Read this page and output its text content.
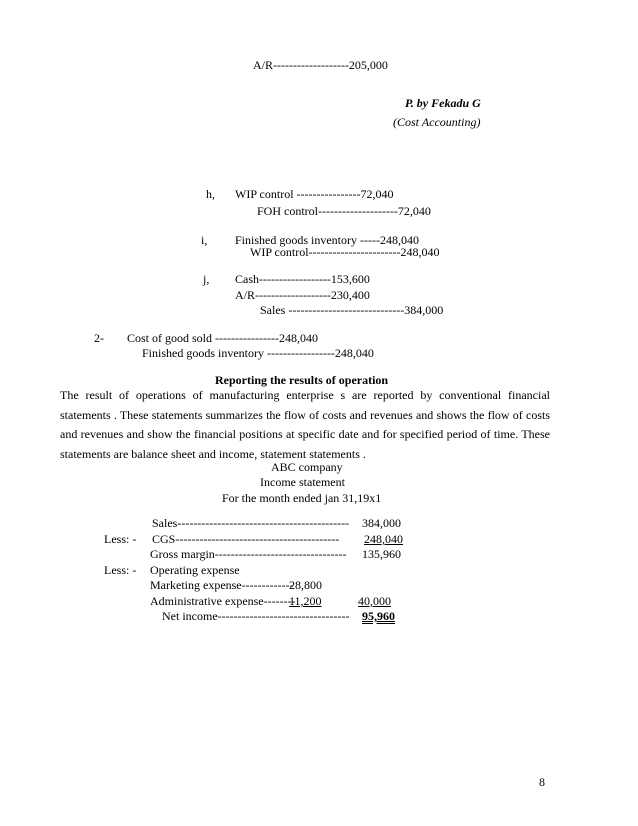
A/R-------------------205,000
P. by Fekadu G
(Cost Accounting)
h, WIP control ----------------72,040
FOH control--------------------72,040
i, Finished goods inventory -----248,040
WIP control-----------------------248,040
j, Cash------------------153,600
A/R-------------------230,400
Sales -----------------------------384,000
2- Cost of good sold ----------------248,040
Finished goods inventory -----------------248,040
Reporting the results of operation
The result of operations of manufacturing enterprise s are reported by conventional financial statements . These statements summarizes the flow of costs and revenues and shows the flow of costs and revenues and show the financial positions at specific date and for specified period of time. These statements are balance sheet and income, statement statements .
ABC company
Income statement
For the month ended jan 31,19x1
Sales------------------------------------------- 384,000
Less: - CGS----------------------------------------- 248,040
Gross margin--------------------------------- 135,960
Less: - Operating expense
Marketing expense-------------
28,800
Administrative expense--------
11,200	40,000
Net income--------------------------------- 95,960
8
